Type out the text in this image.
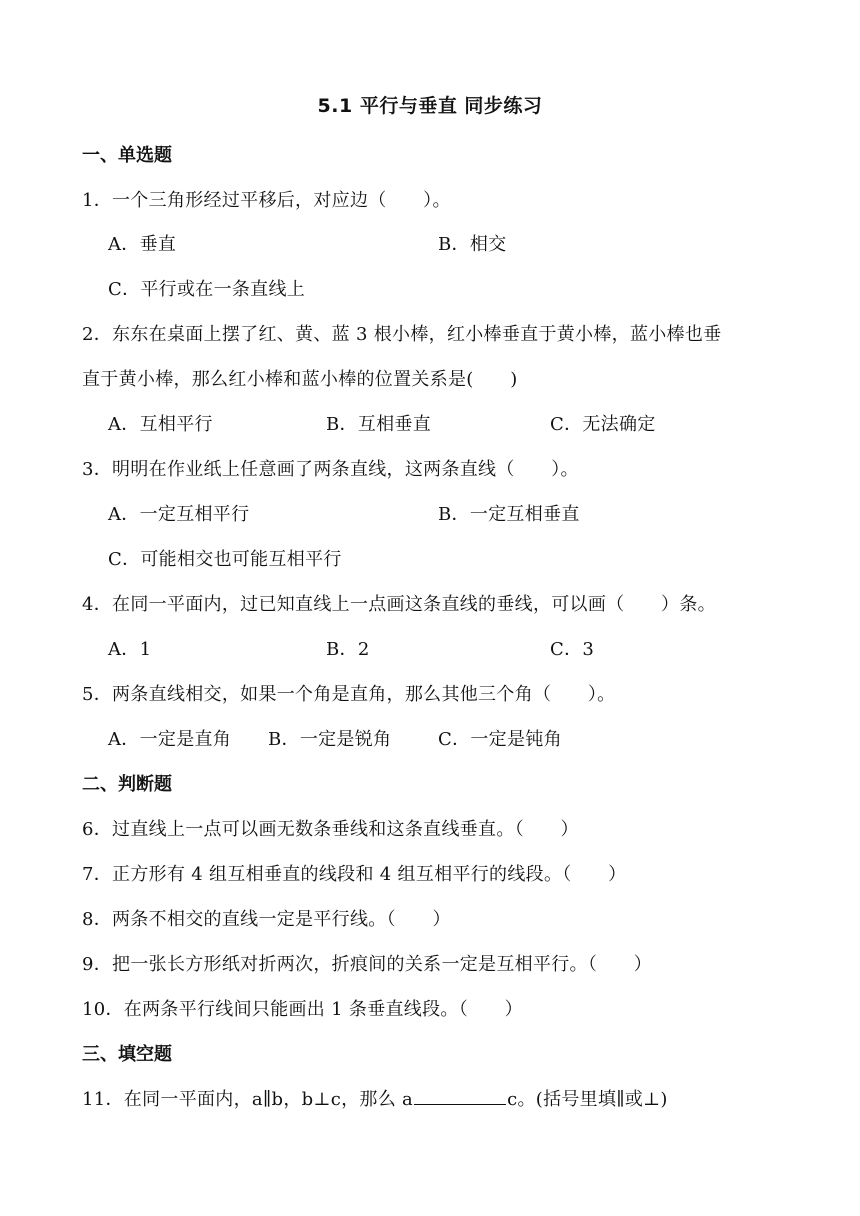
5.1 平行与垂直 同步练习
一、单选题
1．一个三角形经过平移后，对应边（　　）。
A．垂直	B．相交
C．平行或在一条直线上
2．东东在桌面上摆了红、黄、蓝 3 根小棒，红小棒垂直于黄小棒，蓝小棒也垂
直于黄小棒，那么红小棒和蓝小棒的位置关系是(　　)
A．互相平行	B．互相垂直	C．无法确定
3．明明在作业纸上任意画了两条直线，这两条直线（　　）。
A．一定互相平行	B．一定互相垂直
C．可能相交也可能互相平行
4．在同一平面内，过已知直线上一点画这条直线的垂线，可以画（　　）条。
A．1	B．2	C．3
5．两条直线相交，如果一个角是直角，那么其他三个角（　　）。
A．一定是直角 B．一定是锐角	C．一定是钝角
二、判断题
6．过直线上一点可以画无数条垂线和这条直线垂直。（　　）
7．正方形有 4 组互相垂直的线段和 4 组互相平行的线段。（　　）
8．两条不相交的直线一定是平行线。（　　）
9．把一张长方形纸对折两次，折痕间的关系一定是互相平行。（　　）
10．在两条平行线间只能画出 1 条垂直线段。（　　）
三、填空题
11．在同一平面内，a∥b，b⊥c，那么 a	c。(括号里填∥或⊥)
